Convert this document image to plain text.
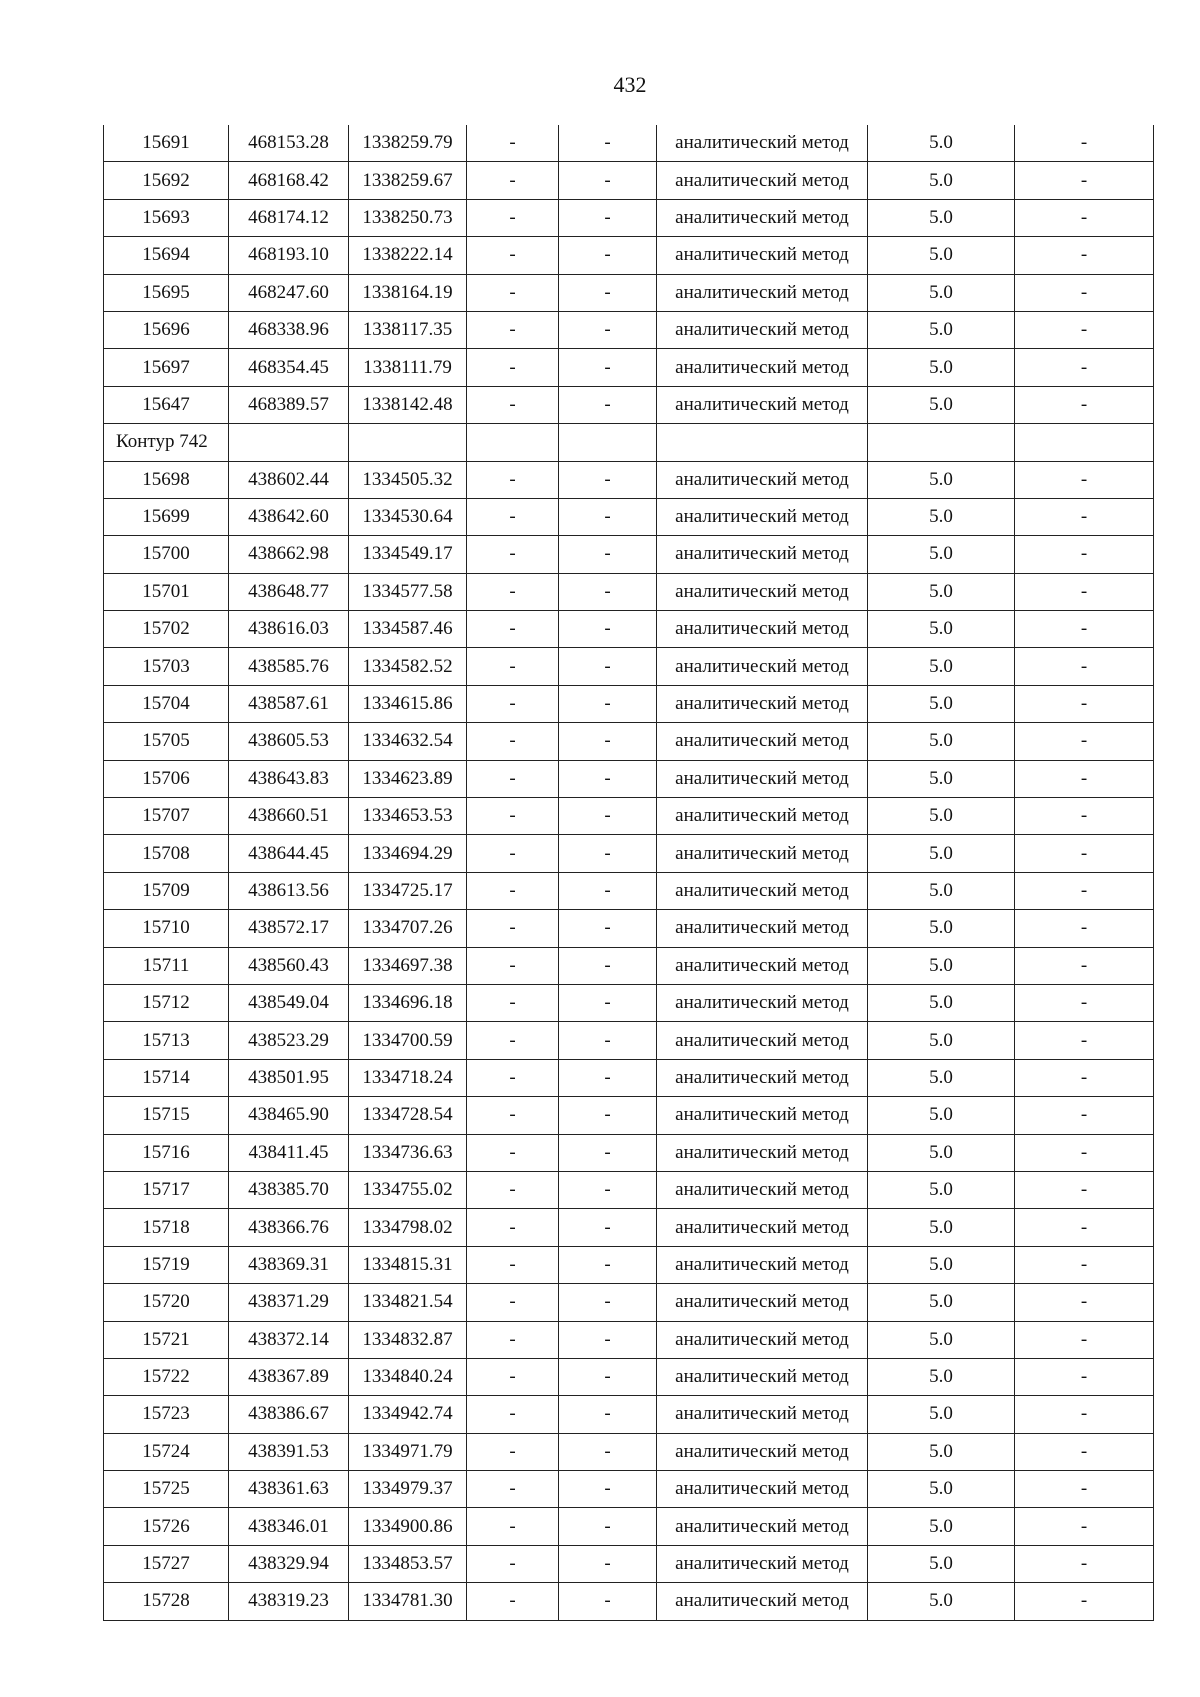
432
15691	468153.28	1338259.79	-	-	аналитический метод	5.0	-
15692	468168.42	1338259.67	-	-	аналитический метод	5.0	-
15693	468174.12	1338250.73	-	-	аналитический метод	5.0	-
15694	468193.10	1338222.14	-	-	аналитический метод	5.0	-
15695	468247.60	1338164.19	-	-	аналитический метод	5.0	-
15696	468338.96	1338117.35	-	-	аналитический метод	5.0	-
15697	468354.45	1338111.79	-	-	аналитический метод	5.0	-
15647	468389.57	1338142.48	-	-	аналитический метод	5.0	-
Контур 742							
15698	438602.44	1334505.32	-	-	аналитический метод	5.0	-
15699	438642.60	1334530.64	-	-	аналитический метод	5.0	-
15700	438662.98	1334549.17	-	-	аналитический метод	5.0	-
15701	438648.77	1334577.58	-	-	аналитический метод	5.0	-
15702	438616.03	1334587.46	-	-	аналитический метод	5.0	-
15703	438585.76	1334582.52	-	-	аналитический метод	5.0	-
15704	438587.61	1334615.86	-	-	аналитический метод	5.0	-
15705	438605.53	1334632.54	-	-	аналитический метод	5.0	-
15706	438643.83	1334623.89	-	-	аналитический метод	5.0	-
15707	438660.51	1334653.53	-	-	аналитический метод	5.0	-
15708	438644.45	1334694.29	-	-	аналитический метод	5.0	-
15709	438613.56	1334725.17	-	-	аналитический метод	5.0	-
15710	438572.17	1334707.26	-	-	аналитический метод	5.0	-
15711	438560.43	1334697.38	-	-	аналитический метод	5.0	-
15712	438549.04	1334696.18	-	-	аналитический метод	5.0	-
15713	438523.29	1334700.59	-	-	аналитический метод	5.0	-
15714	438501.95	1334718.24	-	-	аналитический метод	5.0	-
15715	438465.90	1334728.54	-	-	аналитический метод	5.0	-
15716	438411.45	1334736.63	-	-	аналитический метод	5.0	-
15717	438385.70	1334755.02	-	-	аналитический метод	5.0	-
15718	438366.76	1334798.02	-	-	аналитический метод	5.0	-
15719	438369.31	1334815.31	-	-	аналитический метод	5.0	-
15720	438371.29	1334821.54	-	-	аналитический метод	5.0	-
15721	438372.14	1334832.87	-	-	аналитический метод	5.0	-
15722	438367.89	1334840.24	-	-	аналитический метод	5.0	-
15723	438386.67	1334942.74	-	-	аналитический метод	5.0	-
15724	438391.53	1334971.79	-	-	аналитический метод	5.0	-
15725	438361.63	1334979.37	-	-	аналитический метод	5.0	-
15726	438346.01	1334900.86	-	-	аналитический метод	5.0	-
15727	438329.94	1334853.57	-	-	аналитический метод	5.0	-
15728	438319.23	1334781.30	-	-	аналитический метод	5.0	-
